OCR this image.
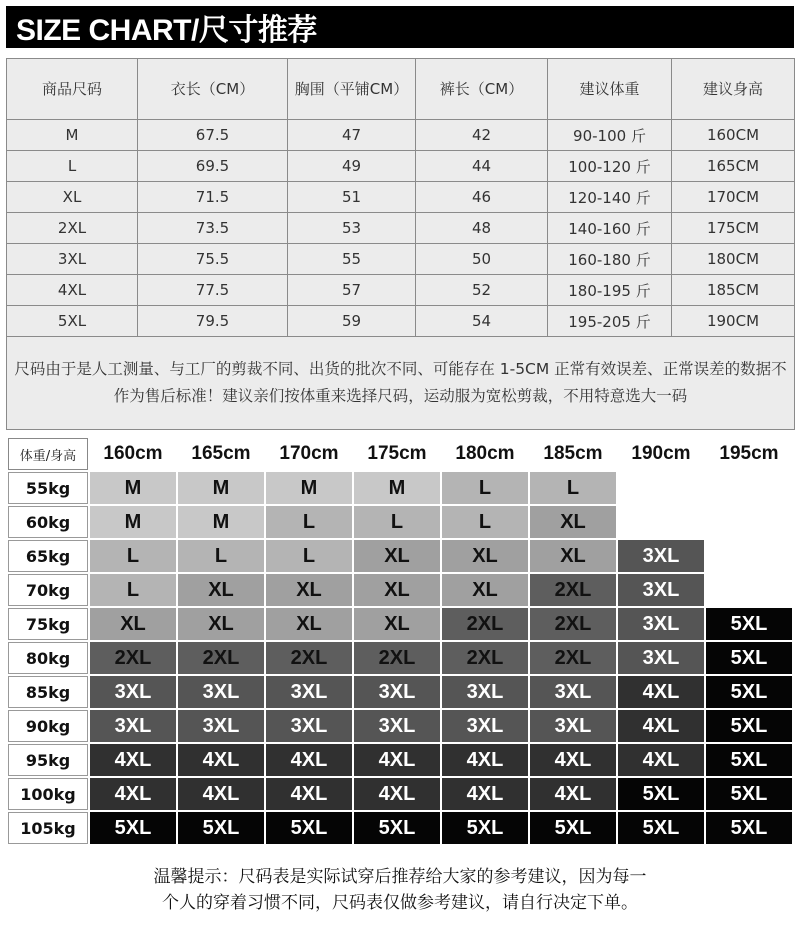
SIZE CHART/尺寸推荐
商品尺码	衣长（CM）	胸围（平铺CM）	裤长（CM）	建议体重	建议身高
M	67.5	47	42	90-100 斤	160CM
L	69.5	49	44	100-120 斤	165CM
XL	71.5	51	46	120-140 斤	170CM
2XL	73.5	53	48	140-160 斤	175CM
3XL	75.5	55	50	160-180 斤	180CM
4XL	77.5	57	52	180-195 斤	185CM
5XL	79.5	59	54	195-205 斤	190CM
尺码由于是人工测量、与工厂的剪裁不同、出货的批次不同、可能存在 1-5CM 正常有效误差、正常误差的数据不作为售后标准！建议亲们按体重来选择尺码，运动服为宽松剪裁，不用特意选大一码					
体重/身高	160cm	165cm	170cm	175cm	180cm	185cm	190cm	195cm
55kg	M	M	M	M	L	L		
60kg	M	M	L	L	L	XL		
65kg	L	L	L	XL	XL	XL	3XL	
70kg	L	XL	XL	XL	XL	2XL	3XL	
75kg	XL	XL	XL	XL	2XL	2XL	3XL	5XL
80kg	2XL	2XL	2XL	2XL	2XL	2XL	3XL	5XL
85kg	3XL	3XL	3XL	3XL	3XL	3XL	4XL	5XL
90kg	3XL	3XL	3XL	3XL	3XL	3XL	4XL	5XL
95kg	4XL	4XL	4XL	4XL	4XL	4XL	4XL	5XL
100kg	4XL	4XL	4XL	4XL	4XL	4XL	5XL	5XL
105kg	5XL	5XL	5XL	5XL	5XL	5XL	5XL	5XL
温馨提示：尺码表是实际试穿后推荐给大家的参考建议，因为每一
个人的穿着习惯不同，尺码表仅做参考建议，请自行决定下单。
